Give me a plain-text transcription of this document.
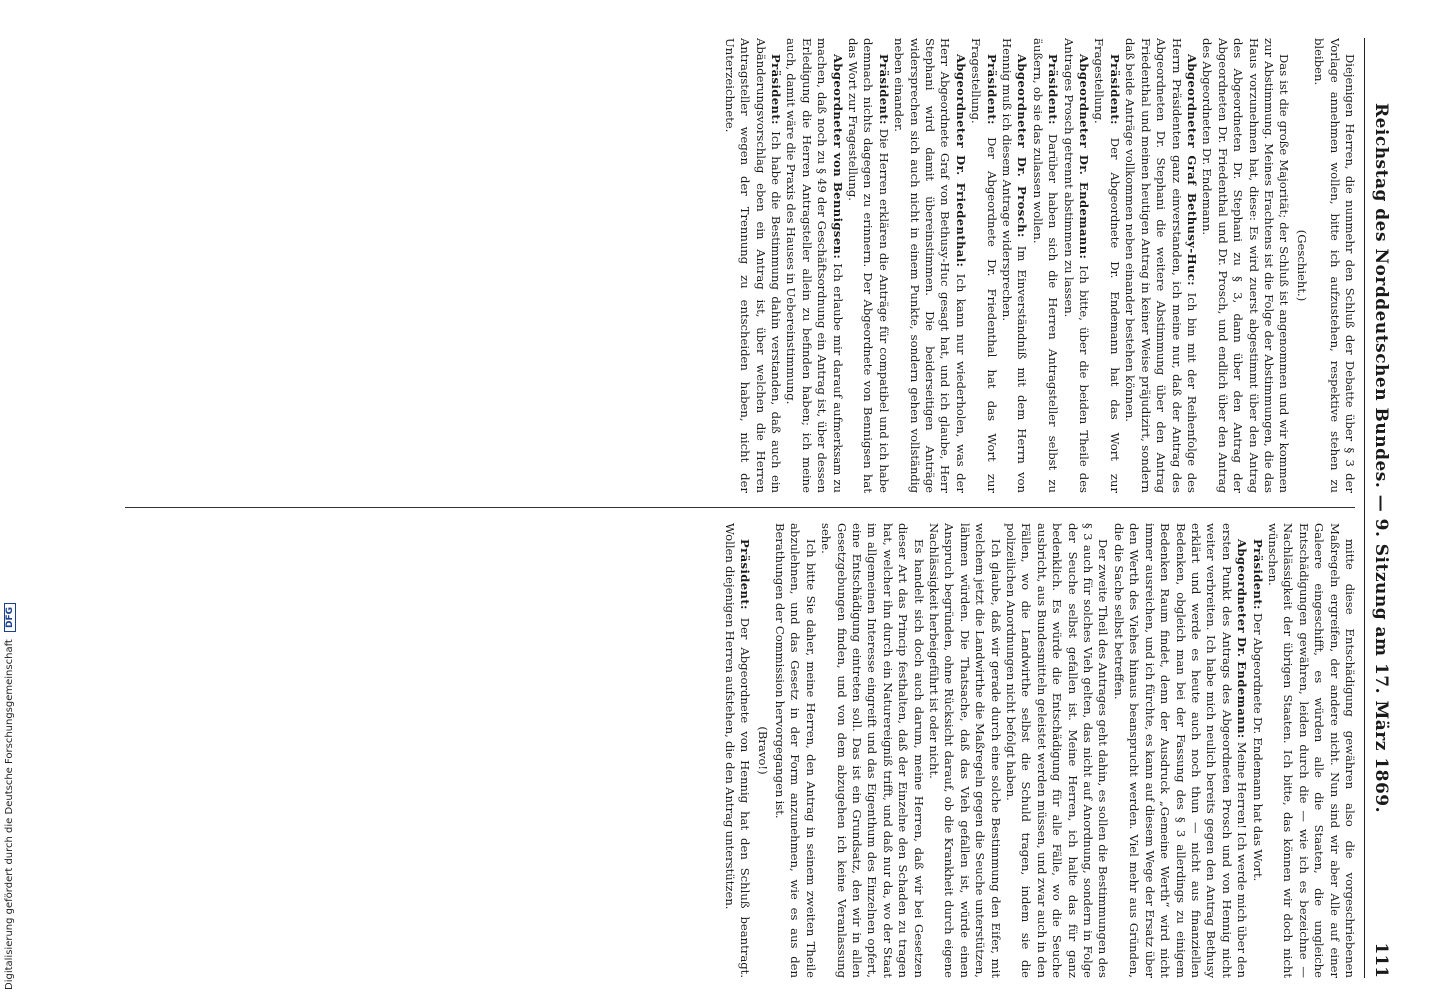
Reichstag des Norddeutschen Bundes. — 9. Sitzung am 17. März 1869.
111

Diejenigen Herren, die nunmehr den Schluß der Debatte über § 3 der Vorlage annehmen wollen, bitte ich aufzustehen, respektive stehen zu bleiben.

(Geschieht.)

Das ist die große Majorität; der Schluß ist angenommen und wir kommen zur Abstimmung. Meines Erachtens ist die Folge der Abstimmungen, die das Haus vorzunehmen hat, diese: Es wird zuerst abgestimmt über den Antrag des Abgeordneten Dr. Stephani zu § 3, dann über den Antrag der Abgeordneten Dr. Friedenthal und Dr. Prosch, und endlich über den Antrag des Abgeordneten Dr. Endemann.

Abgeordneter Graf Bethusy-Huc: Ich bin mit der Reihenfolge des Herrn Präsidenten ganz einverstanden, ich meine nur, daß der Antrag des Abgeordneten Dr. Stephani die weitere Abstimmung über den Antrag Friedenthal und meinen heutigen Antrag in keiner Weise präjudizirt, sondern daß beide Anträge vollkommen neben einander bestehen können.

Präsident: Der Abgeordnete Dr. Endemann hat das Wort zur Fragestellung.

Abgeordneter Dr. Endemann: Ich bitte, über die beiden Theile des Antrages Prosch getrennt abstimmen zu lassen.

Präsident: Darüber haben sich die Herren Antragsteller selbst zu äußern, ob sie das zulassen wollen.

Abgeordneter Dr. Prosch: Im Einverständniß mit dem Herrn von Hennig muß ich diesem Antrage widersprechen.

Präsident: Der Abgeordnete Dr. Friedenthal hat das Wort zur Fragestellung.

Abgeordneter Dr. Friedenthal: Ich kann nur wiederholen, was der Herr Abgeordnete Graf von Bethusy-Huc gesagt hat, und ich glaube, Herr Stephani wird damit übereinstimmen. Die beiderseitigen Anträge widersprechen sich auch nicht in einem Punkte, sondern gehen vollständig neben einander.

Präsident: Die Herren erklären die Anträge für compatibel und ich habe demnach nichts dagegen zu erinnern. Der Abgeordnete von Bennigsen hat das Wort zur Fragestellung.

Abgeordneter von Bennigsen: Ich erlaube mir darauf aufmerksam zu machen, daß noch zu § 49 der Geschäftsordnung ein Antrag ist, über dessen Erledigung die Herren Antragsteller allein zu befinden haben; ich meine auch, damit wäre die Praxis des Hauses in Uebereinstimmung.

Präsident: Ich habe die Bestimmung dahin verstanden, daß auch ein Abänderungsvorschlag eben ein Antrag ist, über welchen die Herren Antragsteller wegen der Trennung zu entscheiden haben, nicht der Unterzeichnete.

mitte diese Entschädigung gewähren also die vorgeschriebenen Maßregeln ergreifen, der andere nicht. Nun sind wir aber Alle auf einer Galeere eingeschifft, es würden alle die Staaten, die ungleiche Entschädigungen gewähren, leiden durch die — wie ich es bezeichne — Nachlässigkeit der übrigen Staaten. Ich bitte, das können wir doch nicht wünschen.

Präsident: Der Abgeordnete Dr. Endemann hat das Wort.

Abgeordneter Dr. Endemann: Meine Herren! Ich werde mich über den ersten Punkt des Antrags des Abgeordneten Prosch und von Hennig nicht weiter verbreiten. Ich habe mich neulich bereits gegen den Antrag Bethusy erklärt und werde es heute auch noch thun — nicht aus finanziellen Bedenken, obgleich man bei der Fassung des § 3 allerdings zu einigem Bedenken Raum findet, denn der Ausdruck „Gemeine Werth“ wird nicht immer ausreichen, und ich fürchte, es kann auf diesem Wege der Ersatz über den Werth des Viehes hinaus beansprucht werden. Viel mehr aus Gründen, die die Sache selbst betreffen.

Der zweite Theil des Antrages geht dahin, es sollen die Bestimmungen des § 3 auch für solches Vieh gelten, das nicht auf Anordnung, sondern in Folge der Seuche selbst gefallen ist. Meine Herren, ich halte das für ganz bedenklich. Es würde die Entschädigung für alle Fälle, wo die Seuche ausbricht, aus Bundesmitteln geleistet werden müssen, und zwar auch in den Fällen, wo die Landwirthe selbst die Schuld tragen, indem sie die polizeilichen Anordnungen nicht befolgt haben.

Ich glaube, daß wir gerade durch eine solche Bestimmung den Eifer, mit welchem jetzt die Landwirthe die Maßregeln gegen die Seuche unterstützen, lähmen würden. Die Thatsache, daß das Vieh gefallen ist, würde einen Anspruch begründen, ohne Rücksicht darauf, ob die Krankheit durch eigene Nachlässigkeit herbeigeführt ist oder nicht.

Es handelt sich doch auch darum, meine Herren, daß wir bei Gesetzen dieser Art das Princip festhalten, daß der Einzelne den Schaden zu tragen hat, welcher ihn durch ein Naturereigniß trifft, und daß nur da, wo der Staat im allgemeinen Interesse eingreift und das Eigenthum des Einzelnen opfert, eine Entschädigung eintreten soll. Das ist ein Grundsatz, den wir in allen Gesetzgebungen finden, und von dem abzugehen ich keine Veranlassung sehe.

Ich bitte Sie daher, meine Herren, den Antrag in seinem zweiten Theile abzulehnen, und das Gesetz in der Form anzunehmen, wie es aus den Berathungen der Commission hervorgegangen ist.

(Bravo!)

Präsident: Der Abgeordnete von Hennig hat den Schluß beantragt. Wollen diejenigen Herren aufstehen, die den Antrag unterstützen.

Digitalisierung gefördert durch die Deutsche Forschungsgemeinschaft DFG
